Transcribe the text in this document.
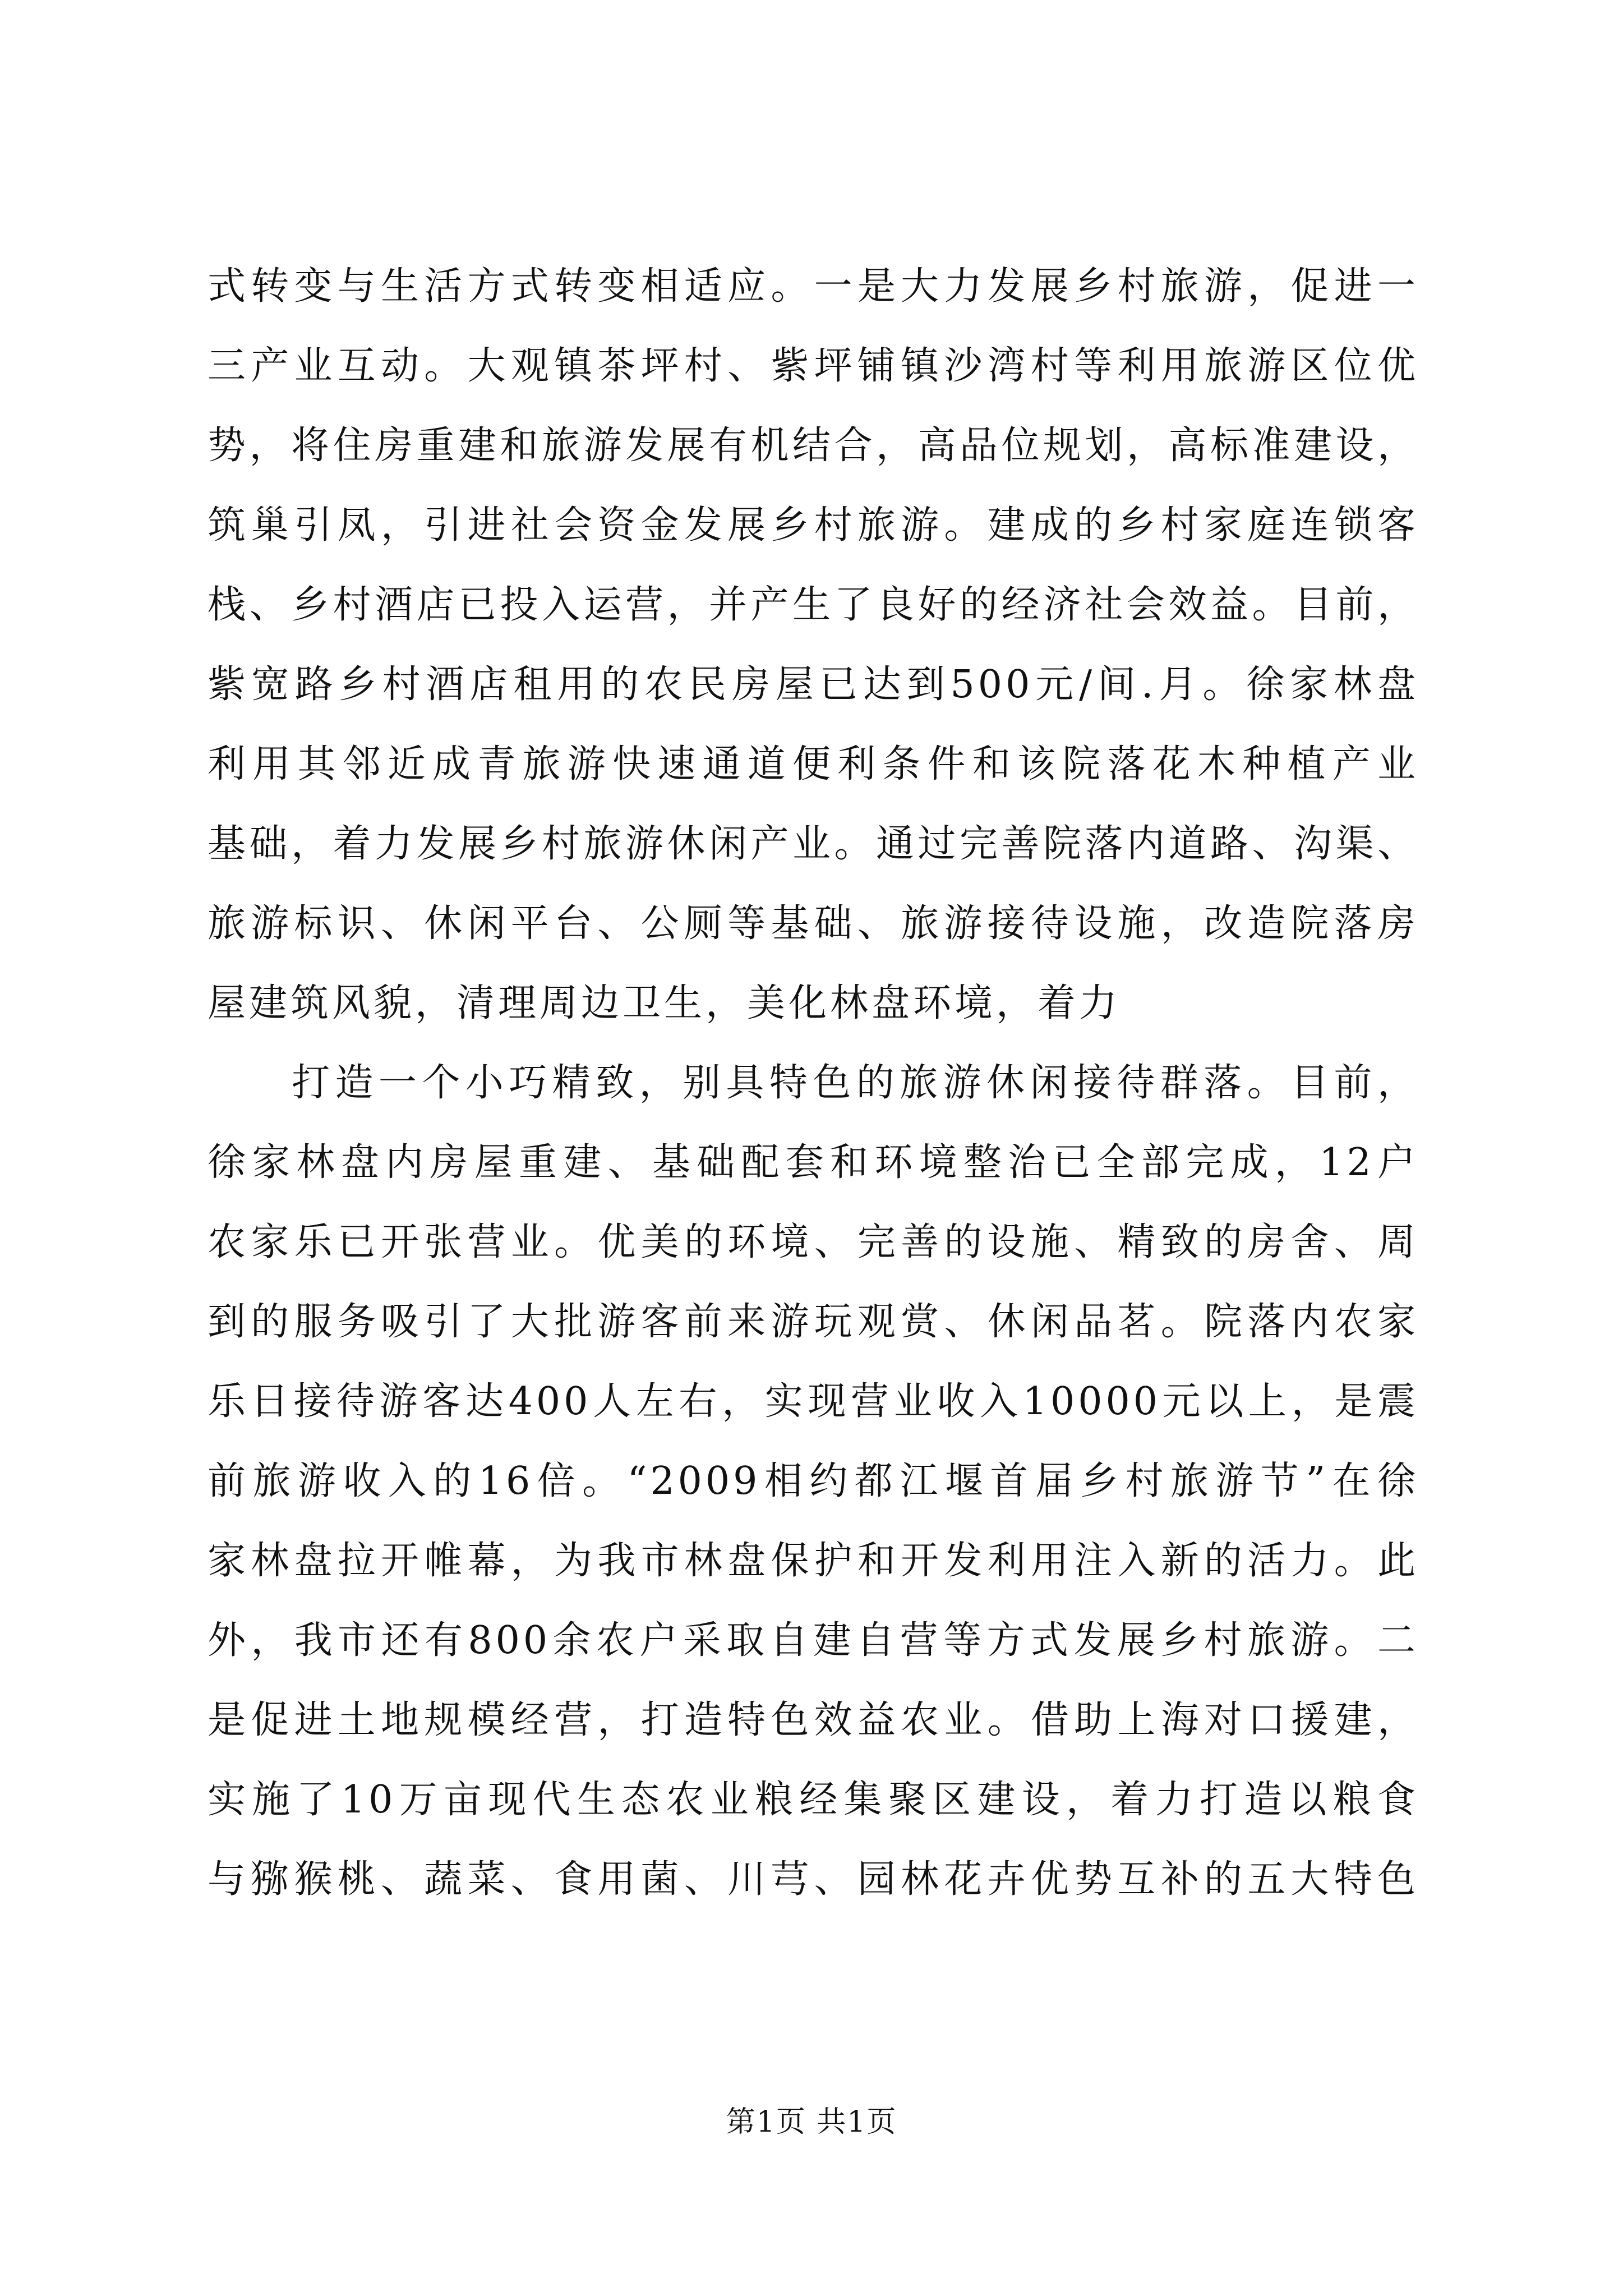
式转变与生活方式转变相适应。一是大力发展乡村旅游，促进一
三产业互动。大观镇茶坪村、紫坪铺镇沙湾村等利用旅游区位优
势，将住房重建和旅游发展有机结合，高品位规划，高标准建设，
筑巢引凤，引进社会资金发展乡村旅游。建成的乡村家庭连锁客
栈、乡村酒店已投入运营，并产生了良好的经济社会效益。目前，
紫宽路乡村酒店租用的农民房屋已达到500元/间.月。徐家林盘
利用其邻近成青旅游快速通道便利条件和该院落花木种植产业
基础，着力发展乡村旅游休闲产业。通过完善院落内道路、沟渠、
旅游标识、休闲平台、公厕等基础、旅游接待设施，改造院落房
屋建筑风貌，清理周边卫生，美化林盘环境，着力

打造一个小巧精致，别具特色的旅游休闲接待群落。目前，
徐家林盘内房屋重建、基础配套和环境整治已全部完成，12户
农家乐已开张营业。优美的环境、完善的设施、精致的房舍、周
到的服务吸引了大批游客前来游玩观赏、休闲品茗。院落内农家
乐日接待游客达400人左右，实现营业收入10000元以上，是震
前旅游收入的16倍。“2009相约都江堰首届乡村旅游节”在徐
家林盘拉开帷幕，为我市林盘保护和开发利用注入新的活力。此
外，我市还有800余农户采取自建自营等方式发展乡村旅游。二
是促进土地规模经营，打造特色效益农业。借助上海对口援建，
实施了10万亩现代生态农业粮经集聚区建设，着力打造以粮食
与猕猴桃、蔬菜、食用菌、川芎、园林花卉优势互补的五大特色

第1页 共1页
